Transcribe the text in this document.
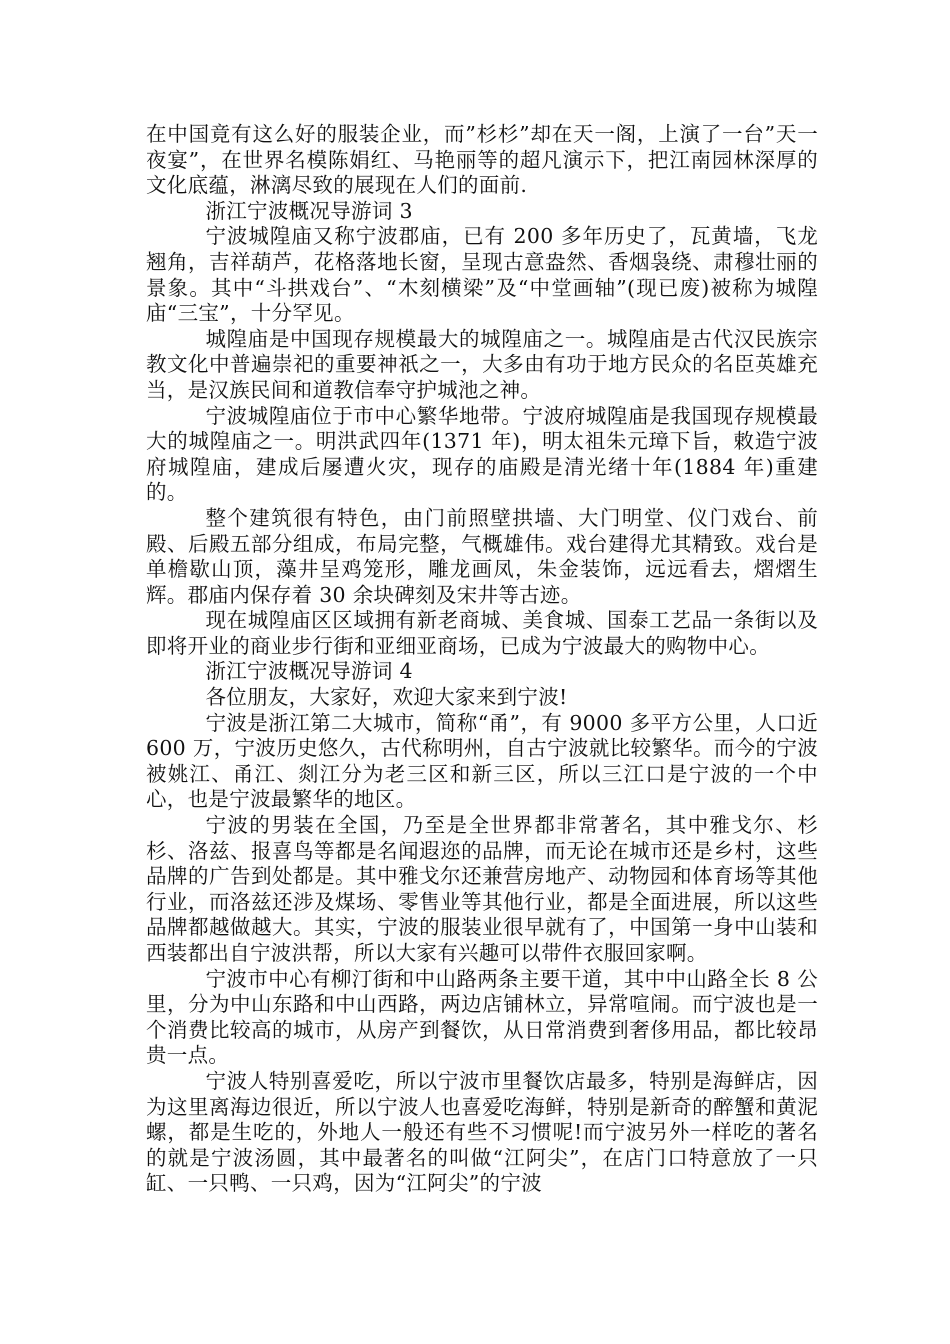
在中国竟有这么好的服装企业，而”杉杉”却在天一阁，上演了一台”天一夜宴”，在世界名模陈娟红、马艳丽等的超凡演示下，把江南园林深厚的文化底蕴，淋漓尽致的展现在人们的面前.

浙江宁波概况导游词 3

宁波城隍庙又称宁波郡庙，已有 200 多年历史了，瓦黄墙，飞龙翘角，吉祥葫芦，花格落地长窗，呈现古意盎然、香烟袅绕、肃穆壮丽的景象。其中“斗拱戏台”、“木刻横梁”及“中堂画轴”(现已废)被称为城隍庙“三宝”，十分罕见。

城隍庙是中国现存规模最大的城隍庙之一。城隍庙是古代汉民族宗教文化中普遍崇祀的重要神祇之一，大多由有功于地方民众的名臣英雄充当，是汉族民间和道教信奉守护城池之神。

宁波城隍庙位于市中心繁华地带。宁波府城隍庙是我国现存规模最大的城隍庙之一。明洪武四年(1371 年)，明太祖朱元璋下旨，敕造宁波府城隍庙，建成后屡遭火灾，现存的庙殿是清光绪十年(1884 年)重建的。

整个建筑很有特色，由门前照壁拱墙、大门明堂、仪门戏台、前殿、后殿五部分组成，布局完整，气概雄伟。戏台建得尤其精致。戏台是单檐歇山顶，藻井呈鸡笼形，雕龙画凤，朱金装饰，远远看去，熠熠生辉。郡庙内保存着 30 余块碑刻及宋井等古迹。

现在城隍庙区区域拥有新老商城、美食城、国泰工艺品一条街以及即将开业的商业步行街和亚细亚商场，已成为宁波最大的购物中心。

浙江宁波概况导游词 4

各位朋友，大家好，欢迎大家来到宁波!

宁波是浙江第二大城市，简称“甬”，有 9000 多平方公里，人口近 600 万，宁波历史悠久，古代称明州，自古宁波就比较繁华。而今的宁波被姚江、甬江、剡江分为老三区和新三区，所以三江口是宁波的一个中心，也是宁波最繁华的地区。

宁波的男装在全国，乃至是全世界都非常著名，其中雅戈尔、杉杉、洛兹、报喜鸟等都是名闻遐迩的品牌，而无论在城市还是乡村，这些品牌的广告到处都是。其中雅戈尔还兼营房地产、动物园和体育场等其他行业，而洛兹还涉及煤场、零售业等其他行业，都是全面进展，所以这些品牌都越做越大。其实，宁波的服装业很早就有了，中国第一身中山装和西装都出自宁波洪帮，所以大家有兴趣可以带件衣服回家啊。

宁波市中心有柳汀街和中山路两条主要干道，其中中山路全长 8 公里，分为中山东路和中山西路，两边店铺林立，异常喧闹。而宁波也是一个消费比较高的城市，从房产到餐饮，从日常消费到奢侈用品，都比较昂贵一点。

宁波人特别喜爱吃，所以宁波市里餐饮店最多，特别是海鲜店，因为这里离海边很近，所以宁波人也喜爱吃海鲜，特别是新奇的醉蟹和黄泥螺，都是生吃的，外地人一般还有些不习惯呢!而宁波另外一样吃的著名的就是宁波汤圆，其中最著名的叫做“江阿尖”，在店门口特意放了一只缸、一只鸭、一只鸡，因为“江阿尖”的宁波
